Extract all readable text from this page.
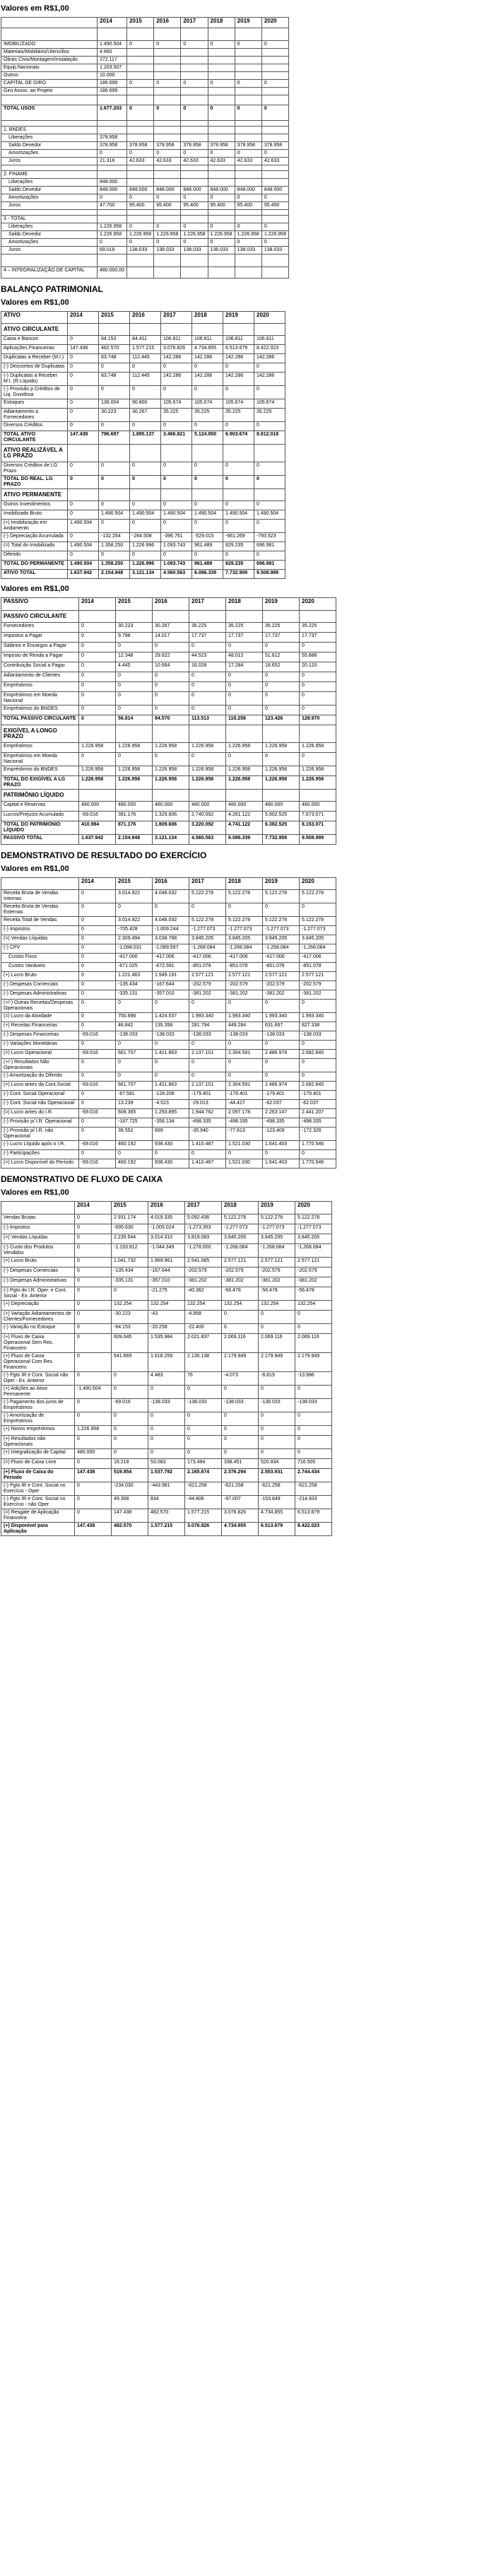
Valores em R$1,00
	2014	2015	2016	2017	2018	2019	2020

IMOBILIZADO	1.490.504	0	0	0	0	0	0
Materiais/Mobiliário/Utensílios	4.860						
Obras Civis/Montagem/Instalação	272.117						
Equip.Nacionais	1.203.507						
Outros	10.000						
CAPITAL DE GIRO	186.699	0	0	0	0	0	0
Giro Assoc. ao Projeto	186.699						

TOTAL USOS	1.677.203	0	0	0	0	0	0

1. BNDES							
Liberações	378.958						
Saldo Devedor	378.958	378.958	378.958	378.958	378.958	378.958	378.958
Amortizações	0	0	0	0	0	0	0
Juros	21.316	42.633	42.633	42.633	42.633	42.633	42.633

2. FINAME							
Liberações	848.000						
Saldo Devedor	848.000	848.000	848.000	848.000	848.000	848.000	848.000
Amortizações	0	0	0	0	0	0	0
Juros	47.700	95.400	95.400	95.400	95.400	95.400	95.400

3 - TOTAL							
Liberações	1.226.958	0	0	0	0	0	0
Saldo Devedor	1.226.958	1.226.958	1.226.958	1.226.958	1.226.958	1.226.958	1.226.958
Amortizações	0	0	0	0	0	0	0
Juros	69.016	138.033	138.033	138.033	138.033	138.033	138.033

4 – INTEGRALIZAÇÃO DE CAPITAL	480.000,00						
BALANÇO PATRIMONIAL
Valores em R$1,00
ATIVO	2014	2015	2016	2017	2018	2019	2020
ATIVO CIRCULANTE							
Caixa e Bancos	0	64.153	84.411	106.811	106.811	106.811	106.811
Aplicações Financeiras	147.438	482.570	1.577.215	3.076.826	4.734.855	6.513.679	8.422.023
Duplicatas a Receber (M.I.)	0	83.748	112.445	142.286	142.286	142.286	142.286
(-) Descontos de Duplicatas	0	0	0	0	0	0	0
(-) Duplicatas a Receber M.I. (R.Líquido)	0	83.748	112.445	142.286	142.286	142.286	142.286
(-) Provisão p Créditos de Liq. Duvidosa	0	0	0	0	0	0	0
Estoques	0	136.004	90.800	105.674	105.674	105.674	105.674
Adiantamento a Fornecedores	0	30.223	30.267	35.225	35.225	35.225	35.225
Diversos Créditos	0	0	0	0	0	0	0
TOTAL ATIVO CIRCULANTE	147.438	796.697	1.895.137	3.466.821	5.124.850	6.903.674	8.812.018
ATIVO REALIZÁVEL A LG PRAZO							
Diversos Créditos de LG Prazo	0	0	0	0	0	0	0
TOTAL DO REAL. LG PRAZO	0	0	0	0	0	0	0
ATIVO PERMANENTE							
Outros Investimentos	0	0	0	0	0	0	0
Imobilizado Bruto	0	1.490.504	1.490.504	1.490.504	1.490.504	1.490.504	1.490.504
(+) Imobilização em Andamento	1.490.504	0	0	0	0	0	0
(-) Depreciação Acumulada	0	-132.254	-264.508	-396.761	-529.015	-661.269	-793.523
(=) Total do Imobilizado	1.490.504	1.358.250	1.226.996	1.093.743	961.489	829.235	696.981
Diferido	0	0	0	0	0	0	0
TOTAL DO PERMANENTE	1.490.504	1.358.250	1.226.996	1.093.743	961.489	829.235	696.981
ATIVO TOTAL	1.637.942	2.154.948	3.121.134	4.560.563	6.086.339	7.732.909	9.508.999
Valores em R$1,00
PASSIVO	2014	2015	2016	2017	2018	2019	2020
PASSIVO CIRCULANTE							
Fornecedores	0	30.223	30.267	35.225	35.225	35.225	35.225
Impostos a Pagar	0	9.798	14.017	17.737	17.737	17.737	17.737
Salários e Encargos a Pagar	0	0	0	0	0	0	0
Imposto de Renda a Pagar	0	12.348	29.622	44.523	48.012	51.612	55.888
Contribuição Social a Pagar	0	4.445	10.664	16.028	17.284	18.652	20.120
Adiantamento de Clientes	0	0	0	0	0	0	0
Empréstimos	0	0	0	0	0	0	0
Empréstimos em Moeda Nacional	0	0	0	0	0	0	0
Empréstimos do BNDES	0	0	0	0	0	0	0
TOTAL PASSIVO CIRCULANTE	0	56.814	84.570	113.513	118.258	123.426	128.970
EXIGÍVEL A LONGO PRAZO							
Empréstimos	1.226.958	1.226.958	1.226.958	1.226.958	1.226.958	1.226.958	1.226.958
Empréstimos em Moeda Nacional	0	0	0	0	0	0	0
Empréstimos do BNDES	1.226.958	1.226.958	1.226.958	1.226.958	1.226.958	1.226.958	1.226.958
TOTAL DO EXIGÍVEL A LG PRAZO	1.226.958	1.226.958	1.226.958	1.226.958	1.226.958	1.226.958	1.226.958
PATRIMÔNIO LÍQUIDO							
Capital e Reservas	480.000	480.000	480.000	480.000	480.000	480.000	480.000
Lucros/Prejuízo Acumulado	-69.016	391.176	1.329.606	2.740.092	4.261.122	5.902.525	7.673.071
TOTAL DO PATRIMÔNIO LÍQUIDO	410.984	871.176	1.809.606	3.220.092	4.741.122	6.382.525	8.153.071
PASSIVO TOTAL	1.637.942	2.154.948	3.121.134	4.560.563	6.086.339	7.732.909	9.508.999
DEMONSTRATIVO DE RESULTADO DO EXERCÍCIO
Valores em R$1,00
	2014	2015	2016	2017	2018	2019	2020
Receita Bruta de Vendas Internas	0	3.014.922	4.048.032	5.122.278	5.122.278	5.122.278	5.122.278
Receita Bruta de Vendas Externas	0	0	0	0	0	0	0
Receita Total de Vendas	0	3.014.922	4.048.032	5.122.278	5.122.278	5.122.278	5.122.278
(-) Impostos	0	-705.428	-1.009.244	-1.277.073	-1.277.073	-1.277.073	-1.277.073
(=) Vendas Líquidas	0	2.309.494	3.038.788	3.845.205	3.845.205	3.845.205	3.845.205
(-) CPV	0	-1.098.031	-1.089.597	-1.268.084	-1.268.084	-1.268.084	-1.268.084
Custos Fixos	0	-417.006	-417.006	-417.006	-417.006	-417.006	-417.006
Custos Variáveis	0	-671.025	-672.591	-851.078	-851.078	-851.078	-851.078
(+) Lucro Bruto	0	1.221.463	1.949.191	2.577.121	2.577.121	2.577.121	2.577.121
(-) Despesas Comerciais	0	-135.434	-167.644	-202.579	-202.579	-202.579	-202.579
(-) Despesas Administrativas	0	-335.131	-357.010	-381.202	-381.202	-381.202	-381.202
(+/-) Outras Receitas/Despesas Operacionais	0	0	0	0	0	0	0
(=) Lucro da Atividade	0	750.898	1.424.537	1.993.340	1.993.340	1.993.340	1.993.340
(+) Receitas Financeiras	0	48.842	135.358	281.794	449.284	631.667	827.338
(-) Despesas Financeiras	-69.016	-138.033	-138.033	-138.033	-138.033	-138.033	-138.033
(-) Variações Monetárias	0	0	0	0	0	0	0
(=) Lucro Operacional	-69.016	661.707	1.421.863	2.137.101	2.304.591	2.486.974	2.682.645
(+/-) Resultados Não Operacionais	0	0	0	0	0	0	0
(-) Amortização do Diferido	0	0	0	0	0	0	0
(=) Lucro antes da Cont.Social	-69.016	661.707	1.421.863	2.137.101	2.304.591	2.486.974	2.682.645
(-) Cont. Social Operacional	0	-67.581	-128.208	-179.401	-179.401	-179.401	-179.401
(-) Cont. Social não Operacional	0	13.239	-4.523	-29.013	-44.427	-62.037	-62.037
(=) Lucro antes do I.R.	-69.016	608.365	1.293.895	1.944.762	2.097.178	2.263.147	2.441.207
(-) Provisão p/ I.R. Operacional	0	-187.725	-356.134	-498.335	-498.335	-498.335	-498.335
(-) Provisão p/ I.R. não Operacional	0	39.552	669	-35.940	-77.813	-123.409	-172.326
(-) Lucro Líquido após o I.R.	-69.016	460.192	938.430	1.410.487	1.521.030	1.641.403	1.770.546
(-) Participações	0	0	0	0	0	0	0
(=) Lucro Disponível do Período	-69.016	460.192	938.430	1.410.487	1.521.030	1.641.403	1.770.546
DEMONSTRATIVO DE FLUXO DE CAIXA
Valores em R$1,00
	2014	2015	2016	2017	2018	2019	2020
Vendas Brutas	0	2.931.174	4.019.335	5.092.436	5.122.278	5.122.278	5.122.278
(-) Impostos	0	-695.630	-1.005.024	-1.273.353	-1.277.073	-1.277.073	-1.277.073
(=) Vendas Líquidas	0	2.235.544	3.014.310	3.819.083	3.845.205	3.845.205	3.845.205
(-) Custo dos Produtos Vendidos	0	-1.193.812	-1.044.349	-1.278.000	-1.268.084	-1.268.084	-1.268.084
(=) Lucro Bruto	0	1.041.732	1.969.961	2.541.085	2.577.121	2.577.121	2.577.121
(-) Despesas Comerciais	0	-135.434	-167.644	-202.579	-202.579	-202.579	-202.579
(-) Despesas Administrativas	0	-335.131	-357.010	-381.202	-381.202	-381.202	-381.202
(-) Pgto do I.R. Oper. e Cont. Social - Ex. Anterior	0	0	-21.275	-40.362	-56.478	-56.478	-56.478
(+) Depreciação	0	132.254	132.254	132.254	132.254	132.254	132.254
(+) Variação Adiantamentos de Clientes/Fornecedores	0	-30.223	-43	-4.958	0	0	0
(-) Variação no Estoque	0	-64.153	-20.258	-22.400	0	0	0
(+) Fluxo de Caixa Operacional Sem Res. Financeiro	0	609.045	1.535.984	2.021.837	2.069.116	2.069.116	2.069.116
(+) Fluxo de Caixa Operacional Com Res. Financeiro	0	641.669	1.618.259	2.130.138	2.179.949	2.179.949	2.179.949
(-) Pgto IR e Cont. Social não Oper - Ex. Anterior	0	0	4.483	76	-4.073	-8.819	-13.986
(+) Adições ao Ativo Permanente	-1.490.504	0	0	0	0	0	0
(-) Pagamento dos juros de Empréstimos	0	-69.016	-138.033	-138.033	-138.033	-138.033	-138.033
(-) Amortização de Empréstimos	0	0	0	0	0	0	0
(+) Novos empréstimos	1.226.958	0	0	0	0	0	0
(+) Resultados não Operacionais	0	0	0	0	0	0	0
(+) Integralização de Capital	480.000	0	0	0	0	0	0
(=) Fluxo de Caixa Livre	0	16.218	53.083	173.494	338.451	520.834	716.505
(+) Fluxo de Caixa do Período	147.438	519.854	1.537.792	2.165.674	2.376.294	2.553.931	2.744.434
(-) Pgto IR e Cont. Social no Exercício - Oper	0	-234.030	-443.981	-621.258	-621.258	-621.258	-621.258
(-) Pgto IR e Cont. Social no Exercício - não Oper	0	49.308	834	-44.806	-97.007	-153.849	-214.833
(=) Resgate de Aplicação Financeira	0	147.438	482.570	1.577.215	3.076.826	4.734.855	6.513.679
(+) Disponível para Aplicação	147.438	482.570	1.577.215	3.076.826	4.734.855	6.513.679	8.422.023
